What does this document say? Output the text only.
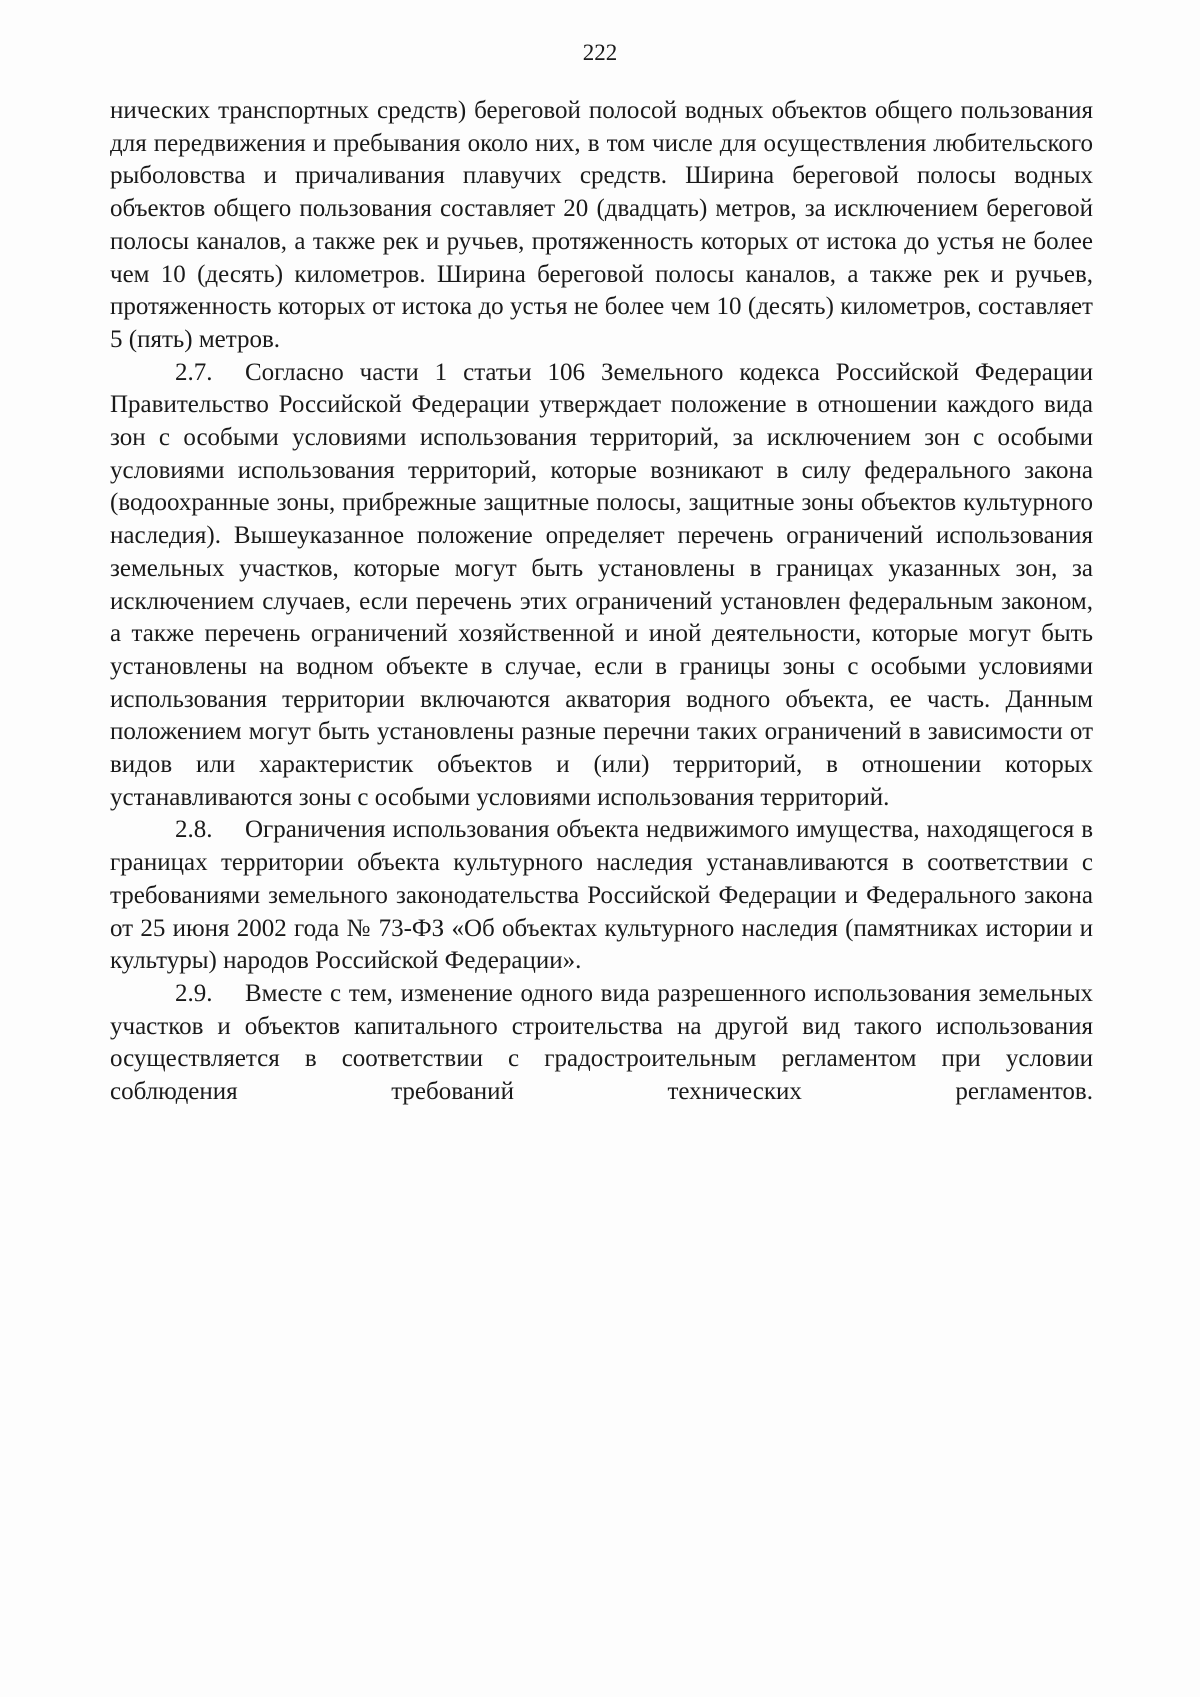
222

нических транспортных средств) береговой полосой водных объектов общего пользования для передвижения и пребывания около них, в том числе для осуществления любительского рыболовства и причаливания плавучих средств. Ширина береговой полосы водных объектов общего пользования составляет 20 (двадцать) метров, за исключением береговой полосы каналов, а также рек и ручьев, протяженность которых от истока до устья не более чем 10 (десять) километров. Ширина береговой полосы каналов, а также рек и ручьев, протяженность которых от истока до устья не более чем 10 (десять) километров, составляет 5 (пять) метров.

2.7. Согласно части 1 статьи 106 Земельного кодекса Российской Федерации Правительство Российской Федерации утверждает положение в отношении каждого вида зон с особыми условиями использования территорий, за исключением зон с особыми условиями использования территорий, которые возникают в силу федерального закона (водоохранные зоны, прибрежные защитные полосы, защитные зоны объектов культурного наследия). Вышеуказанное положение определяет перечень ограничений использования земельных участков, которые могут быть установлены в границах указанных зон, за исключением случаев, если перечень этих ограничений установлен федеральным законом, а также перечень ограничений хозяйственной и иной деятельности, которые могут быть установлены на водном объекте в случае, если в границы зоны с особыми условиями использования территории включаются акватория водного объекта, ее часть. Данным положением могут быть установлены разные перечни таких ограничений в зависимости от видов или характеристик объектов и (или) территорий, в отношении которых устанавливаются зоны с особыми условиями использования территорий.

2.8. Ограничения использования объекта недвижимого имущества, находящегося в границах территории объекта культурного наследия устанавливаются в соответствии с требованиями земельного законодательства Российской Федерации и Федерального закона от 25 июня 2002 года № 73-ФЗ «Об объектах культурного наследия (памятниках истории и культуры) народов Российской Федерации».

2.9. Вместе с тем, изменение одного вида разрешенного использования земельных участков и объектов капитального строительства на другой вид такого использования осуществляется в соответствии с градостроительным регламентом при условии соблюдения требований технических регламентов.
